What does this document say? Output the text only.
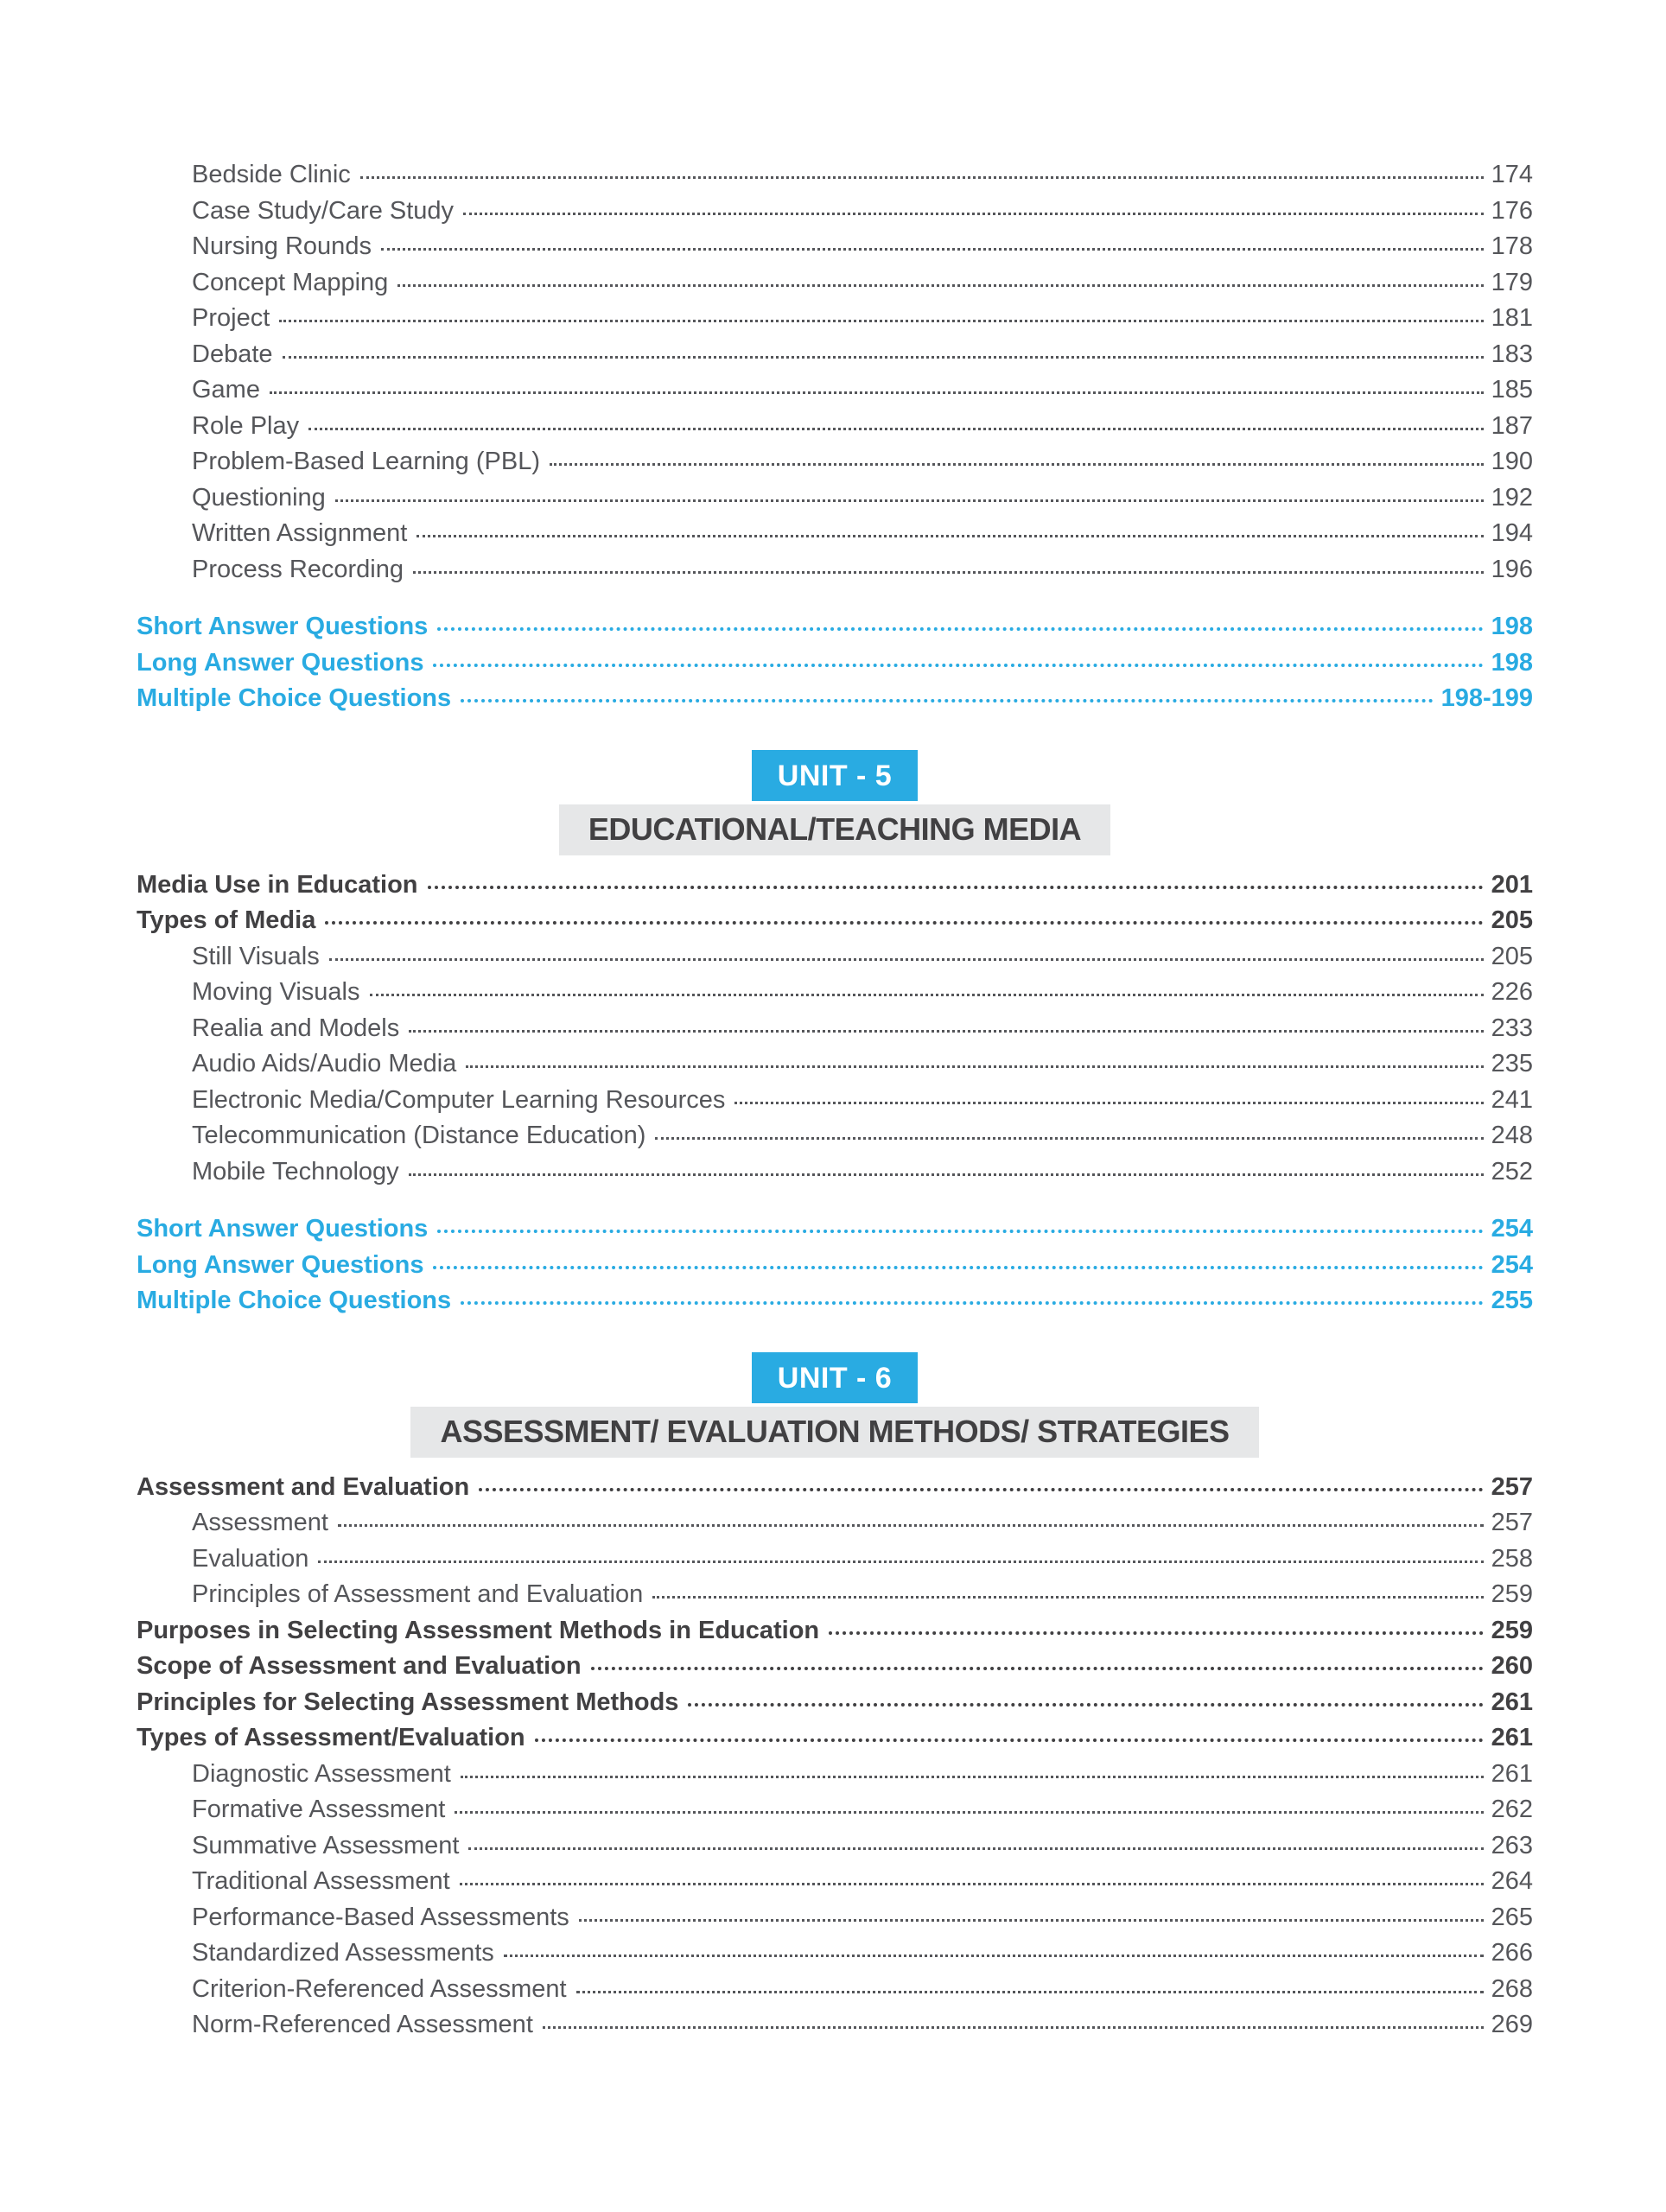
Bedside Clinic	174
Case Study/Care Study	176
Nursing Rounds	178
Concept Mapping	179
Project	181
Debate	183
Game	185
Role Play	187
Problem-Based Learning (PBL)	190
Questioning	192
Written Assignment	194
Process Recording	196
Short Answer Questions	198
Long Answer Questions	198
Multiple Choice Questions	198-199
UNIT - 5
EDUCATIONAL/TEACHING MEDIA
Media Use in Education	201
Types of Media	205
Still Visuals	205
Moving Visuals	226
Realia and Models	233
Audio Aids/Audio Media	235
Electronic Media/Computer Learning Resources	241
Telecommunication (Distance Education)	248
Mobile Technology	252
Short Answer Questions	254
Long Answer Questions	254
Multiple Choice Questions	255
UNIT - 6
ASSESSMENT/ EVALUATION METHODS/ STRATEGIES
Assessment and Evaluation	257
Assessment	257
Evaluation	258
Principles of Assessment and Evaluation	259
Purposes in Selecting Assessment Methods in Education	259
Scope of Assessment and Evaluation	260
Principles for Selecting Assessment Methods	261
Types of Assessment/Evaluation	261
Diagnostic Assessment	261
Formative Assessment	262
Summative Assessment	263
Traditional Assessment	264
Performance-Based Assessments	265
Standardized Assessments	266
Criterion-Referenced Assessment	268
Norm-Referenced Assessment	269
